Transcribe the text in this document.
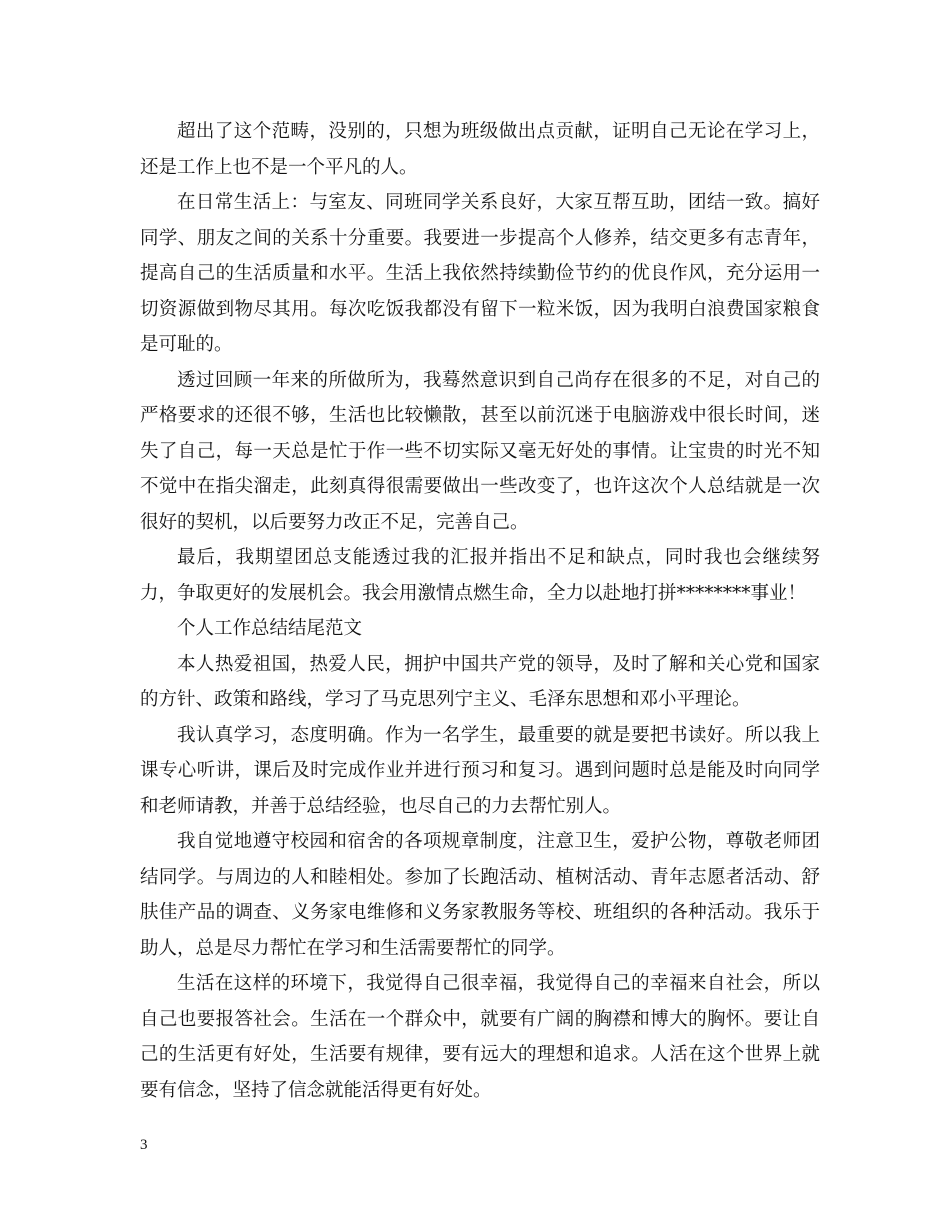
超出了这个范畴，没别的，只想为班级做出点贡献，证明自己无论在学习上，还是工作上也不是一个平凡的人。

在日常生活上：与室友、同班同学关系良好，大家互帮互助，团结一致。搞好同学、朋友之间的关系十分重要。我要进一步提高个人修养，结交更多有志青年，提高自己的生活质量和水平。生活上我依然持续勤俭节约的优良作风，充分运用一切资源做到物尽其用。每次吃饭我都没有留下一粒米饭，因为我明白浪费国家粮食是可耻的。

透过回顾一年来的所做所为，我蓦然意识到自己尚存在很多的不足，对自己的严格要求的还很不够，生活也比较懒散，甚至以前沉迷于电脑游戏中很长时间，迷失了自己，每一天总是忙于作一些不切实际又毫无好处的事情。让宝贵的时光不知不觉中在指尖溜走，此刻真得很需要做出一些改变了，也许这次个人总结就是一次很好的契机，以后要努力改正不足，完善自己。

最后，我期望团总支能透过我的汇报并指出不足和缺点，同时我也会继续努力，争取更好的发展机会。我会用激情点燃生命，全力以赴地打拼********事业！

个人工作总结结尾范文

本人热爱祖国，热爱人民，拥护中国共产党的领导，及时了解和关心党和国家的方针、政策和路线，学习了马克思列宁主义、毛泽东思想和邓小平理论。

我认真学习，态度明确。作为一名学生，最重要的就是要把书读好。所以我上课专心听讲，课后及时完成作业并进行预习和复习。遇到问题时总是能及时向同学和老师请教，并善于总结经验，也尽自己的力去帮忙别人。

我自觉地遵守校园和宿舍的各项规章制度，注意卫生，爱护公物，尊敬老师团结同学。与周边的人和睦相处。参加了长跑活动、植树活动、青年志愿者活动、舒肤佳产品的调查、义务家电维修和义务家教服务等校、班组织的各种活动。我乐于助人，总是尽力帮忙在学习和生活需要帮忙的同学。

生活在这样的环境下，我觉得自己很幸福，我觉得自己的幸福来自社会，所以自己也要报答社会。生活在一个群众中，就要有广阔的胸襟和博大的胸怀。要让自己的生活更有好处，生活要有规律，要有远大的理想和追求。人活在这个世界上就要有信念，坚持了信念就能活得更有好处。

3
